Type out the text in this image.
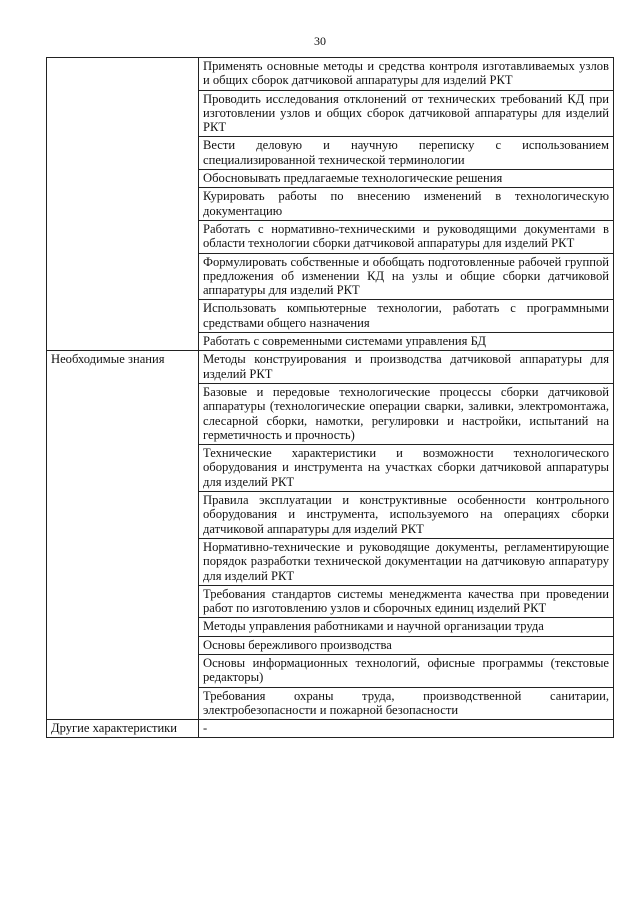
30
	Применять основные методы и средства контроля изготавливаемых узлов и общих сборок датчиковой аппаратуры для изделий РКТ
	Проводить исследования отклонений от технических требований КД при изготовлении узлов и общих сборок датчиковой аппаратуры для изделий РКТ
	Вести деловую и научную переписку с использованием специализированной технической терминологии
	Обосновывать предлагаемые технологические решения
	Курировать работы по внесению изменений в технологическую документацию
	Работать с нормативно-техническими и руководящими документами в области технологии сборки датчиковой аппаратуры для изделий РКТ
	Формулировать собственные и обобщать подготовленные рабочей группой предложения об изменении КД на узлы и общие сборки датчиковой аппаратуры для изделий РКТ
	Использовать компьютерные технологии, работать с программными средствами общего назначения
	Работать с современными системами управления БД
Необходимые знания	Методы конструирования и производства датчиковой аппаратуры для изделий РКТ
	Базовые и передовые технологические процессы сборки датчиковой аппаратуры (технологические операции сварки, заливки, электромонтажа, слесарной сборки, намотки, регулировки и настройки, испытаний на герметичность и прочность)
	Технические характеристики и возможности технологического оборудования и инструмента на участках сборки датчиковой аппаратуры для изделий РКТ
	Правила эксплуатации и конструктивные особенности контрольного оборудования и инструмента, используемого на операциях сборки датчиковой аппаратуры для изделий РКТ
	Нормативно-технические и руководящие документы, регламентирующие порядок разработки технической документации на датчиковую аппаратуру для изделий РКТ
	Требования стандартов системы менеджмента качества при проведении работ по изготовлению узлов и сборочных единиц изделий РКТ
	Методы управления работниками и научной организации труда
	Основы бережливого производства
	Основы информационных технологий, офисные программы (текстовые редакторы)
	Требования охраны труда, производственной санитарии, электробезопасности и пожарной безопасности
Другие характеристики	-
